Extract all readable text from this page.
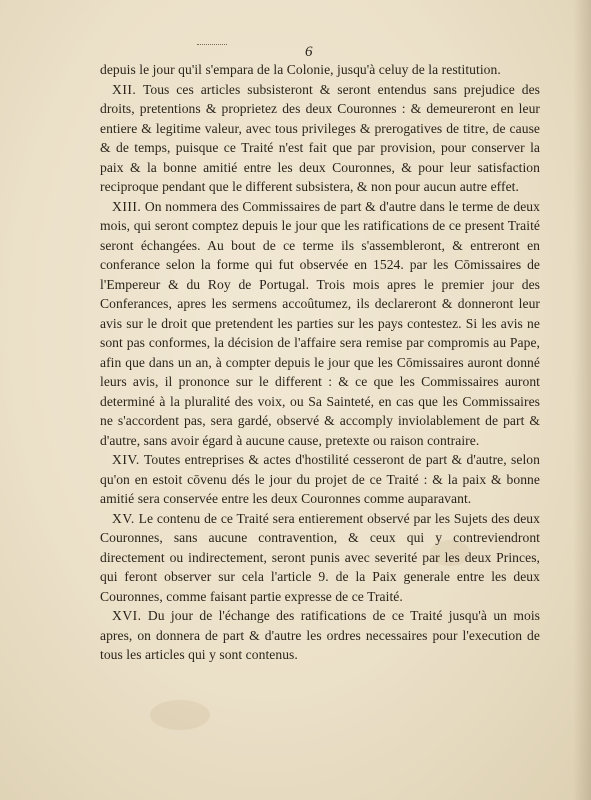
6

depuis le jour qu'il s'empara de la Colonie, jusqu'à celuy de la restitution.

XII. Tous ces articles subsisteront & seront entendus sans prejudice des droits, pretentions & proprietez des deux Couronnes : & demeureront en leur entiere & legitime valeur, avec tous privileges & prerogatives de titre, de cause & de temps, puisque ce Traité n'est fait que par provision, pour conserver la paix & la bonne amitié entre les deux Couronnes, & pour leur satisfaction reciproque pendant que le different subsistera, & non pour aucun autre effet.

XIII. On nommera des Commissaires de part & d'autre dans le terme de deux mois, qui seront comptez depuis le jour que les ratifications de ce present Traité seront échangées. Au bout de ce terme ils s'assembleront, & entreront en conferance selon la forme qui fut observée en 1524. par les Cōmissaires de l'Empereur & du Roy de Portugal. Trois mois apres le premier jour des Conferances, apres les sermens accoûtumez, ils declareront & donneront leur avis sur le droit que pretendent les parties sur les pays contestez. Si les avis ne sont pas conformes, la décision de l'affaire sera remise par compromis au Pape, afin que dans un an, à compter depuis le jour que les Cōmissaires auront donné leurs avis, il prononce sur le different : & ce que les Commissaires auront determiné à la pluralité des voix, ou Sa Sainteté, en cas que les Commissaires ne s'accordent pas, sera gardé, observé & accomply inviolablement de part & d'autre, sans avoir égard à aucune cause, pretexte ou raison contraire.

XIV. Toutes entreprises & actes d'hostilité cesseront de part & d'autre, selon qu'on en estoit cōvenu dés le jour du projet de ce Traité : & la paix & bonne amitié sera conservée entre les deux Couronnes comme auparavant.

XV. Le contenu de ce Traité sera entierement observé par les Sujets des deux Couronnes, sans aucune contravention, & ceux qui y contreviendront directement ou indirectement, seront punis avec severité par les deux Princes, qui feront observer sur cela l'article 9. de la Paix generale entre les deux Couronnes, comme faisant partie expresse de ce Traité.

XVI. Du jour de l'échange des ratifications de ce Traité jusqu'à un mois apres, on donnera de part & d'autre les ordres necessaires pour l'execution de tous les articles qui y sont contenus.
